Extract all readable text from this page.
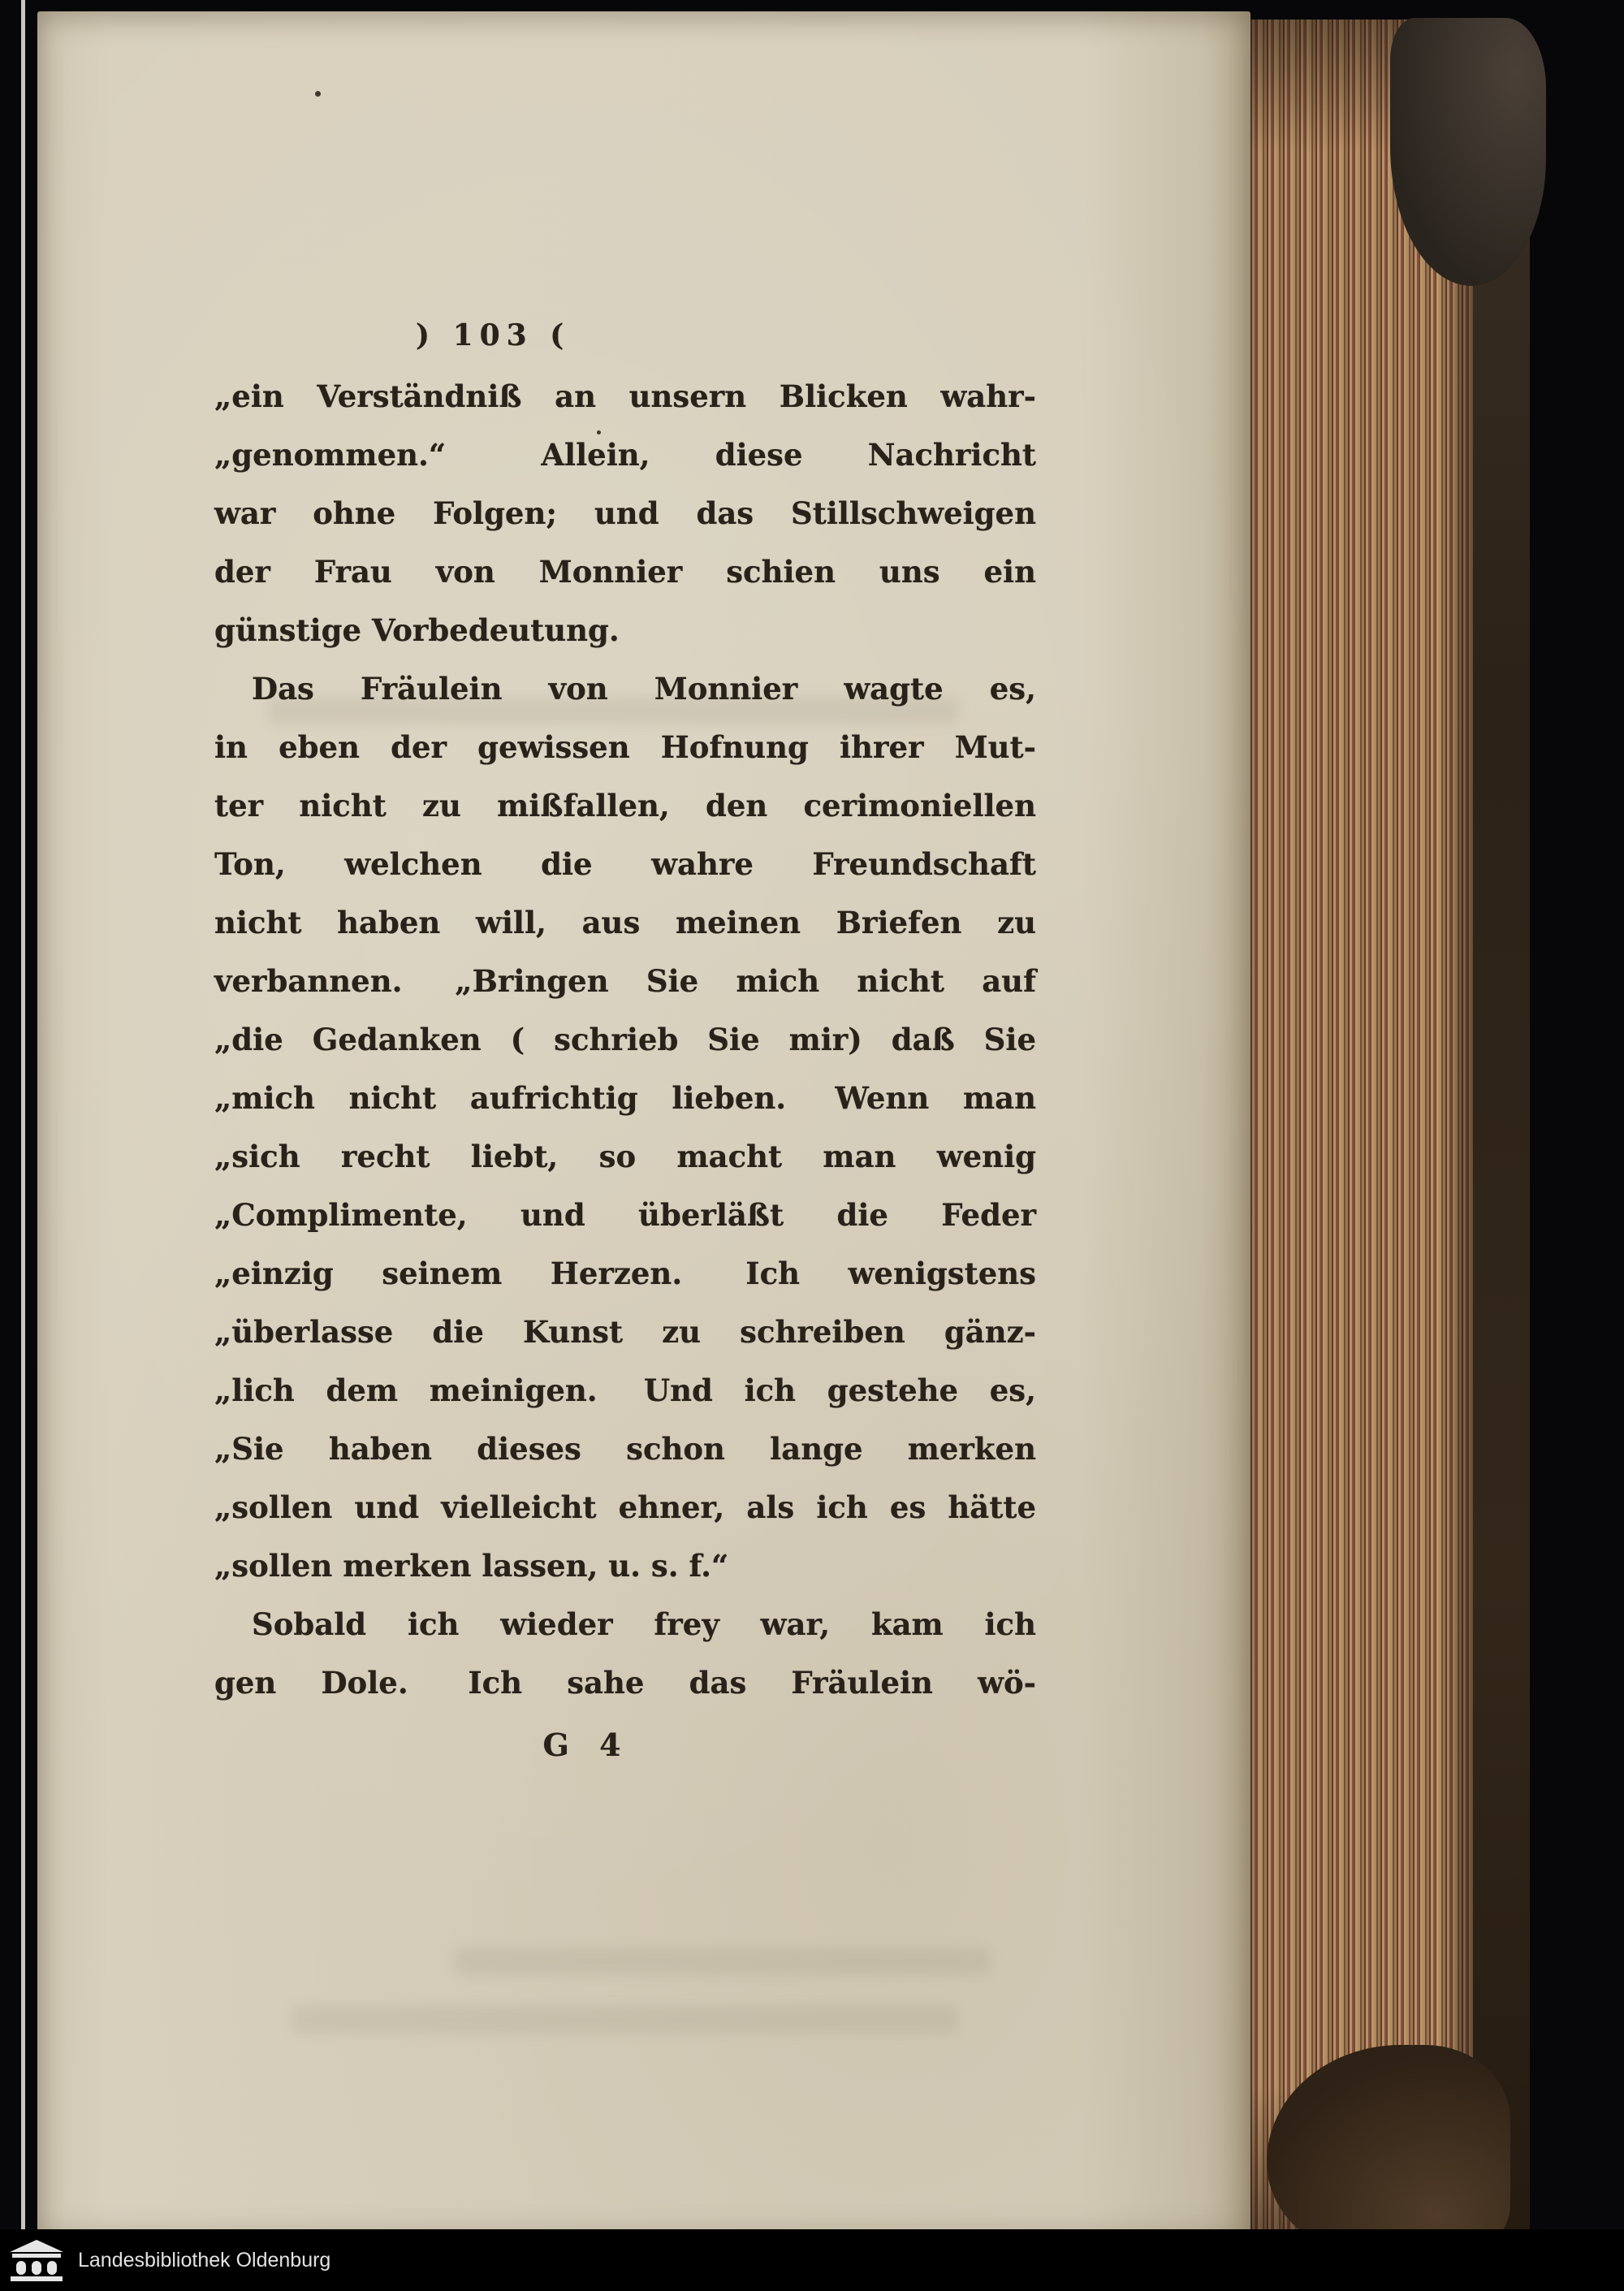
) 103 (
„ein Verständniß an unsern Blicken wahr-
„genommen.“  Allein, diese Nachricht
war ohne Folgen; und das Stillschweigen
der Frau von Monnier schien uns ein
günstige Vorbedeutung.
Das Fräulein von Monnier wagte es,
in eben der gewissen Hofnung ihrer Mut-
ter nicht zu mißfallen, den cerimoniellen
Ton, welchen die wahre Freundschaft
nicht haben will, aus meinen Briefen zu
verbannen.  „Bringen Sie mich nicht auf
„die Gedanken ( schrieb Sie mir) daß Sie
„mich nicht aufrichtig lieben.  Wenn man
„sich recht liebt, so macht man wenig
„Complimente, und überläßt die Feder
„einzig seinem Herzen.  Ich wenigstens
„überlasse die Kunst zu schreiben gänz-
„lich dem meinigen.  Und ich gestehe es,
„Sie haben dieses schon lange merken
„sollen und vielleicht ehner, als ich es hätte
„sollen merken lassen, u. s. f.“
Sobald ich wieder frey war, kam ich
gen Dole.  Ich sahe das Fräulein wö-
G 4
Landesbibliothek Oldenburg
